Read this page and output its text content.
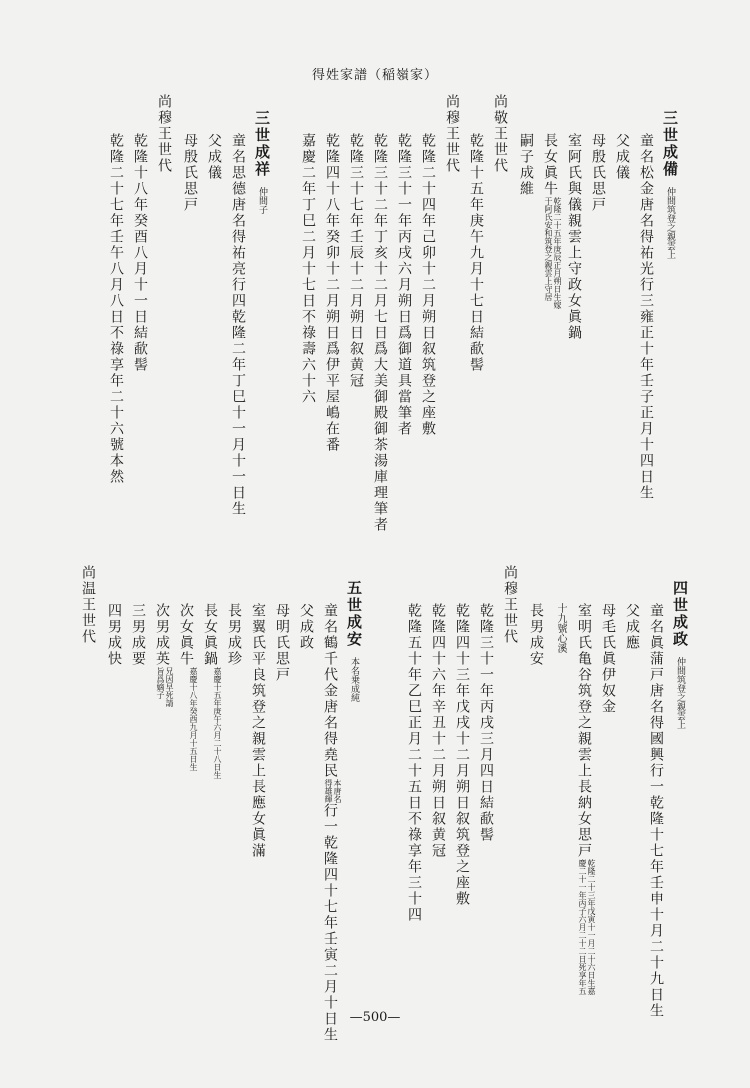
得姓家譜（稲嶺家）
三世成備　仲間筑登之親雲上
童名松金唐名得祐光行三雍正十年壬子正月十四日生
父成儀
母殷氏思戸
室阿氏與儀親雲上守政女眞鍋
長女眞牛乾隆二十五年庚辰正月朔日生嫁
于阿氏安和筑登之親雲上守居
嗣子成維
尚敬王世代
乾隆十五年庚午九月十七日結歃髻
尚穆王世代
乾隆二十四年己卯十二月朔日叙筑登之座敷
乾隆三十一年丙戌六月朔日爲御道具當筆者
乾隆三十二年丁亥十二月七日爲大美御殿御茶湯庫理筆者
乾隆三十七年壬辰十二月朔日叙黄冠
乾隆四十八年癸卯十二月朔日爲伊平屋嶋在番
嘉慶二年丁巳二月十七日不祿壽六十六
三世成祥　仲間子
童名思德唐名得祐亮行四乾隆二年丁巳十一月十一日生
父成儀
母殷氏思戸
尚穆王世代
乾隆十八年癸酉八月十一日結歃髻
乾隆二十七年壬午八月八日不祿享年二十六號本然
四世成政　仲間筑登之親雲上
童名眞蒲戸唐名得國興行一乾隆十七年壬申十月二十九日生
父成應
母毛氏眞伊奴金
室明氏亀谷筑登之親雲上長納女思戸乾隆二十三年戊寅十一月二十六日生嘉
慶二十一年丙子六月二十二日死享年五
十九號心溪
長男成安
尚穆王世代
乾隆三十一年丙戌三月四日結歃髻
乾隆四十三年戊戌十二月朔日叙筑登之座敷
乾隆四十六年辛丑十二月朔日叙黄冠
乾隆五十年乙巳正月二十五日不祿享年三十四
五世成安　本名乗成純
童名鶴千代金唐名得堯民本唐名
得雄輝行一乾隆四十七年壬寅二月十日生
父成政
母明氏思戸
室翼氏平良筑登之親雲上長應女眞滿
長男成珍
長女眞鍋嘉慶十五年庚午六月二十八日生
次女眞牛嘉慶十八年癸酉九月十五日生
次男成英兄因早死請
旨爲嫡子
三男成要
四男成快
尚温王世代
—500—
